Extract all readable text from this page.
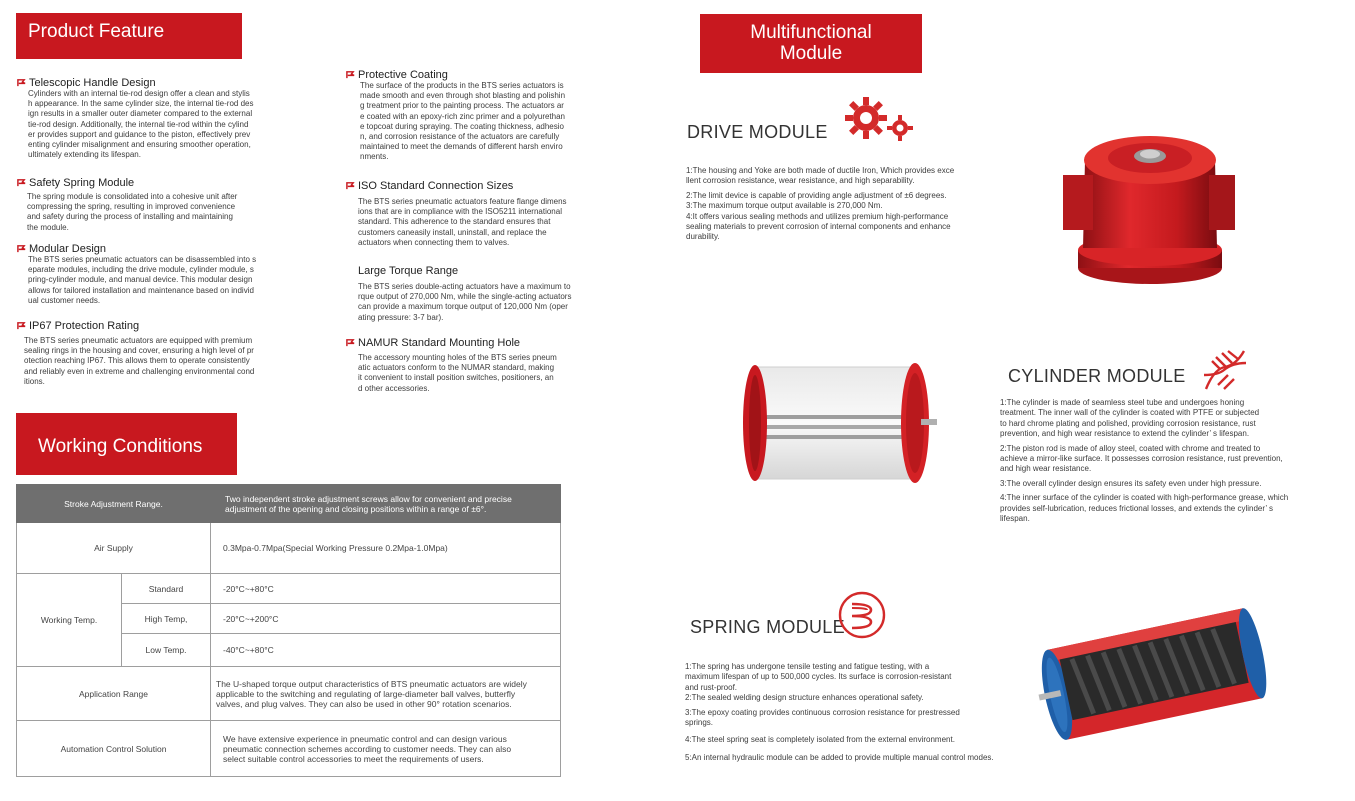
Product Feature
Telescopic Handle Design

Cylinders with an internal tie-rod design offer a clean and stylis
h appearance. In the same cylinder size, the internal tie-rod des
ign results in a smaller outer diameter compared to the external
tie-rod design. Additionally, the internal tie-rod within the cylind
er provides support and guidance to the piston, effectively prev
enting cylinder misalignment and ensuring smoother operation,
ultimately extending its lifespan.

Safety Spring Module

The spring module is consolidated into a cohesive unit after
compressing the spring, resulting in improved convenience
and safety during the process of installing and maintaining
the module.

Modular Design

The BTS series pneumatic actuators can be disassembled into s
eparate modules, including the drive module, cylinder module, s
pring-cylinder module, and manual device. This modular design
allows for tailored installation and maintenance based on individ
ual customer needs.

IP67 Protection Rating

The BTS series pneumatic actuators are equipped with premium
sealing rings in the housing and cover, ensuring a high level of pr
otection reaching IP67. This allows them to operate consistently
and reliably even in extreme and challenging environmental cond
itions.

Protective Coating

The surface of the products in the BTS series actuators is
made smooth and even through shot blasting and polishin
g treatment prior to the painting process. The actuators ar
e coated with an epoxy-rich zinc primer and a polyurethan
e topcoat during spraying. The coating thickness, adhesio
n, and corrosion resistance of the actuators are carefully
maintained to meet the demands of different harsh enviro
nments.

ISO Standard Connection Sizes

The BTS series pneumatic actuators feature flange dimens
ions that are in compliance with the ISO5211 international
standard. This adherence to the standard ensures that
customers caneasily install, uninstall, and replace the
actuators when connecting them to valves.

Large Torque Range

The BTS series double-acting actuators have a maximum to
rque output of 270,000 Nm, while the single-acting actuators
can provide a maximum torque output of 120,000 Nm (oper
ating pressure: 3-7 bar).

NAMUR Standard Mounting Hole

The accessory mounting holes of the BTS series pneum
atic actuators conform to the NUMAR standard, making
it convenient to install position switches, positioners, an
d other accessories.

Working Conditions
Stroke Adjustment Range.		Two independent stroke adjustment screws allow for convenient and precise
adjustment of the opening and closing positions within a range of ±6°.
Air Supply		0.3Mpa-0.7Mpa(Special Working Pressure 0.2Mpa-1.0Mpa)
Working Temp.	Standard	-20°C~+80°C
	High Temp,	-20°C~+200°C
	Low Temp.	-40°C~+80°C
Application Range		The U-shaped torque output characteristics of BTS pneumatic actuators are widely
applicable to the switching and regulating of large-diameter ball valves, butterfly
valves, and plug valves. They can also be used in other 90° rotation scenarios.
Automation Control Solution		We have extensive experience in pneumatic control and can design various
pneumatic connection schemes according to customer needs. They can also
select suitable control accessories to meet the requirements of users.
Multifunctional
Module
DRIVE MODULE

1:The housing and Yoke are both made of ductile Iron, Which provides exce
llent corrosion resistance, wear resistance, and high separability.

2:The limit device is capable of providing angle adjustment of ±6 degrees.
3:The maximum torque output available is 270,000 Nm.
4:It offers various sealing methods and utilizes premium high-performance
sealing materials to prevent corrosion of internal components and enhance
durability.

CYLINDER MODULE

1:The cylinder is made of seamless steel tube and undergoes honing
treatment. The inner wall of the cylinder is coated with PTFE or subjected
to hard chrome plating and polished, providing corrosion resistance, rust
prevention, and high wear resistance to extend the cylinder’ s lifespan.

2:The piston rod is made of alloy steel, coated with chrome and treated to
achieve a mirror-like surface. It possesses corrosion resistance, rust prevention,
and high wear resistance.

3:The overall cylinder design ensures its safety even under high pressure.

4:The inner surface of the cylinder is coated with high-performance grease, which
provides self-lubrication, reduces frictional losses, and extends the cylinder’ s
lifespan.

SPRING MODULE

1:The spring has undergone tensile testing and fatigue testing, with a
maximum lifespan of up to 500,000 cycles. Its surface is corrosion-resistant
and rust-proof.
2:The sealed welding design structure enhances operational safety.

3:The epoxy coating provides continuous corrosion resistance for prestressed
springs.

4:The steel spring seat is completely isolated from the external environment.

5:An internal hydraulic module can be added to provide multiple manual control modes.
